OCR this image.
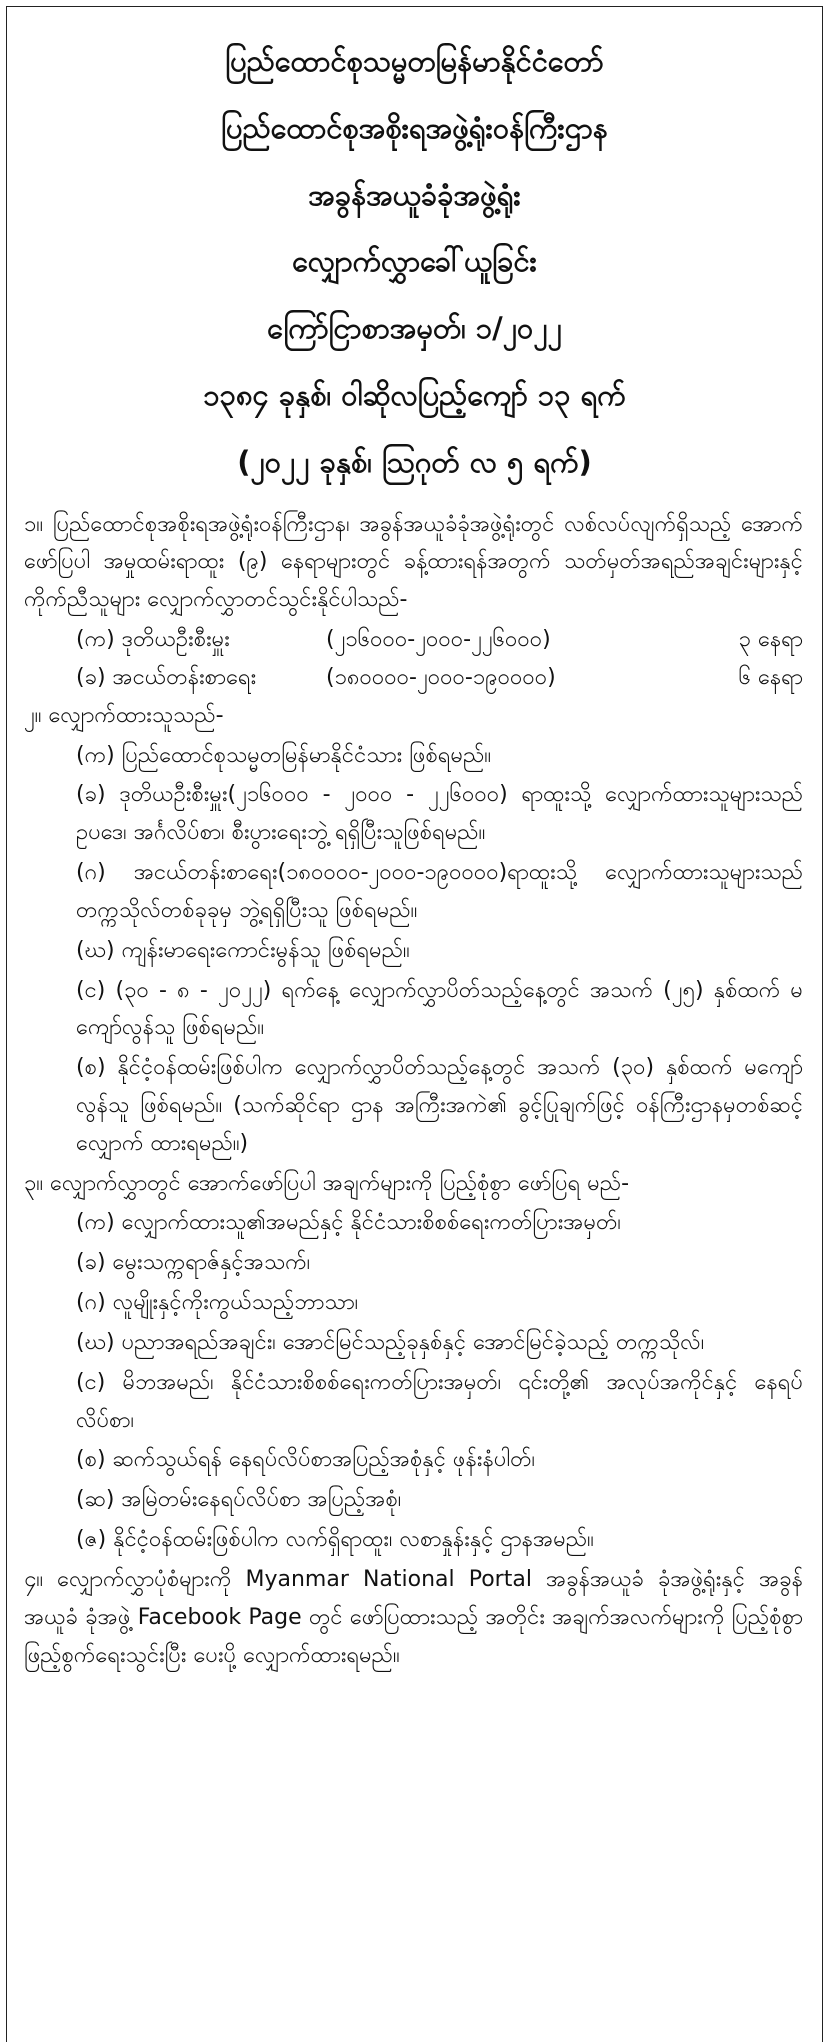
ပြည်ထောင်စုသမ္မတမြန်မာနိုင်ငံတော်
ပြည်ထောင်စုအစိုးရအဖွဲ့ရုံးဝန်ကြီးဌာန
အခွန်အယူခံခုံအဖွဲ့ရုံး
လျှောက်လွှာခေါ်ယူခြင်း
ကြော်ငြာစာအမှတ်၊ ၁/၂၀၂၂
၁၃၈၄ ခုနှစ်၊ ဝါဆိုလပြည့်ကျော် ၁၃ ရက်
(၂၀၂၂ ခုနှစ်၊ ဩဂုတ် လ ၅ ရက်)

၁။ ပြည်ထောင်စုအစိုးရအဖွဲ့ရုံးဝန်ကြီးဌာန၊ အခွန်အယူခံခုံအဖွဲ့ရုံးတွင် လစ်လပ်လျက်ရှိသည့် အောက်ဖော်ပြပါ အမှုထမ်းရာထူး (၉) နေရာများတွင် ခန့်ထားရန်အတွက် သတ်မှတ်အရည်အချင်းများနှင့် ကိုက်ညီသူများ လျှောက်လွှာတင်သွင်းနိုင်ပါသည်-

(က) ဒုတိယဦးစီးမှူး	(၂၁၆၀၀၀-၂၀၀၀-၂၂၆၀၀၀)	၃ နေရာ
(ခ) အငယ်တန်းစာရေး	(၁၈၀၀၀၀-၂၀၀၀-၁၉၀၀၀၀)	၆ နေရာ

၂။ လျှောက်ထားသူသည်-

(က) ပြည်ထောင်စုသမ္မတမြန်မာနိုင်ငံသား ဖြစ်ရမည်။

(ခ) ဒုတိယဦးစီးမှူး(၂၁၆၀၀၀ - ၂၀၀၀ - ၂၂၆၀၀၀) ရာထူးသို့ လျှောက်ထားသူများသည် ဥပဒေ၊ အင်္ဂလိပ်စာ၊ စီးပွားရေးဘွဲ့ ရရှိပြီးသူဖြစ်ရမည်။

(ဂ) အငယ်တန်းစာရေး(၁၈၀၀၀၀-၂၀၀၀-၁၉၀၀၀၀)ရာထူးသို့ လျှောက်ထားသူများသည် တက္ကသိုလ်တစ်ခုခုမှ ဘွဲ့ရရှိပြီးသူ ဖြစ်ရမည်။

(ဃ) ကျန်းမာရေးကောင်းမွန်သူ ဖြစ်ရမည်။

(င) (၃၀ - ၈ - ၂၀၂၂) ရက်နေ့ လျှောက်လွှာပိတ်သည့်နေ့တွင် အသက် (၂၅) နှစ်ထက် မကျော်လွန်သူ ဖြစ်ရမည်။

(စ) နိုင်ငံ့ဝန်ထမ်းဖြစ်ပါက လျှောက်လွှာပိတ်သည့်နေ့တွင် အသက် (၃၀) နှစ်ထက် မကျော်လွန်သူ ဖြစ်ရမည်။ (သက်ဆိုင်ရာ ဌာန အကြီးအကဲ၏ ခွင့်ပြုချက်ဖြင့် ဝန်ကြီးဌာနမှတစ်ဆင့် လျှောက် ထားရမည်။)

၃။ လျှောက်လွှာတွင် အောက်ဖော်ပြပါ အချက်များကို ပြည့်စုံစွာ ဖော်ပြရ မည်-

(က) လျှောက်ထားသူ၏အမည်နှင့် နိုင်ငံသားစိစစ်ရေးကတ်ပြားအမှတ်၊

(ခ) မွေးသက္ကရာဇ်နှင့်အသက်၊

(ဂ) လူမျိုးနှင့်ကိုးကွယ်သည့်ဘာသာ၊

(ဃ) ပညာအရည်အချင်း၊ အောင်မြင်သည့်ခုနှစ်နှင့် အောင်မြင်ခဲ့သည့် တက္ကသိုလ်၊

(င) မိဘအမည်၊ နိုင်ငံသားစိစစ်ရေးကတ်ပြားအမှတ်၊ ၎င်းတို့၏ အလုပ်အကိုင်နှင့် နေရပ် လိပ်စာ၊

(စ) ဆက်သွယ်ရန် နေရပ်လိပ်စာအပြည့်အစုံနှင့် ဖုန်းနံပါတ်၊

(ဆ) အမြဲတမ်းနေရပ်လိပ်စာ အပြည့်အစုံ၊

(ဇ) နိုင်ငံ့ဝန်ထမ်းဖြစ်ပါက လက်ရှိရာထူး၊ လစာနှုန်းနှင့် ဌာနအမည်။

၄။ လျှောက်လွှာပုံစံများကို Myanmar National Portal အခွန်အယူခံ ခုံအဖွဲ့ရုံးနှင့် အခွန်အယူခံ ခုံအဖွဲ့ Facebook Page တွင် ဖော်ပြထားသည့် အတိုင်း အချက်အလက်များကို ပြည့်စုံစွာ ဖြည့်စွက်ရေးသွင်းပြီး ပေးပို့ လျှောက်ထားရမည်။
